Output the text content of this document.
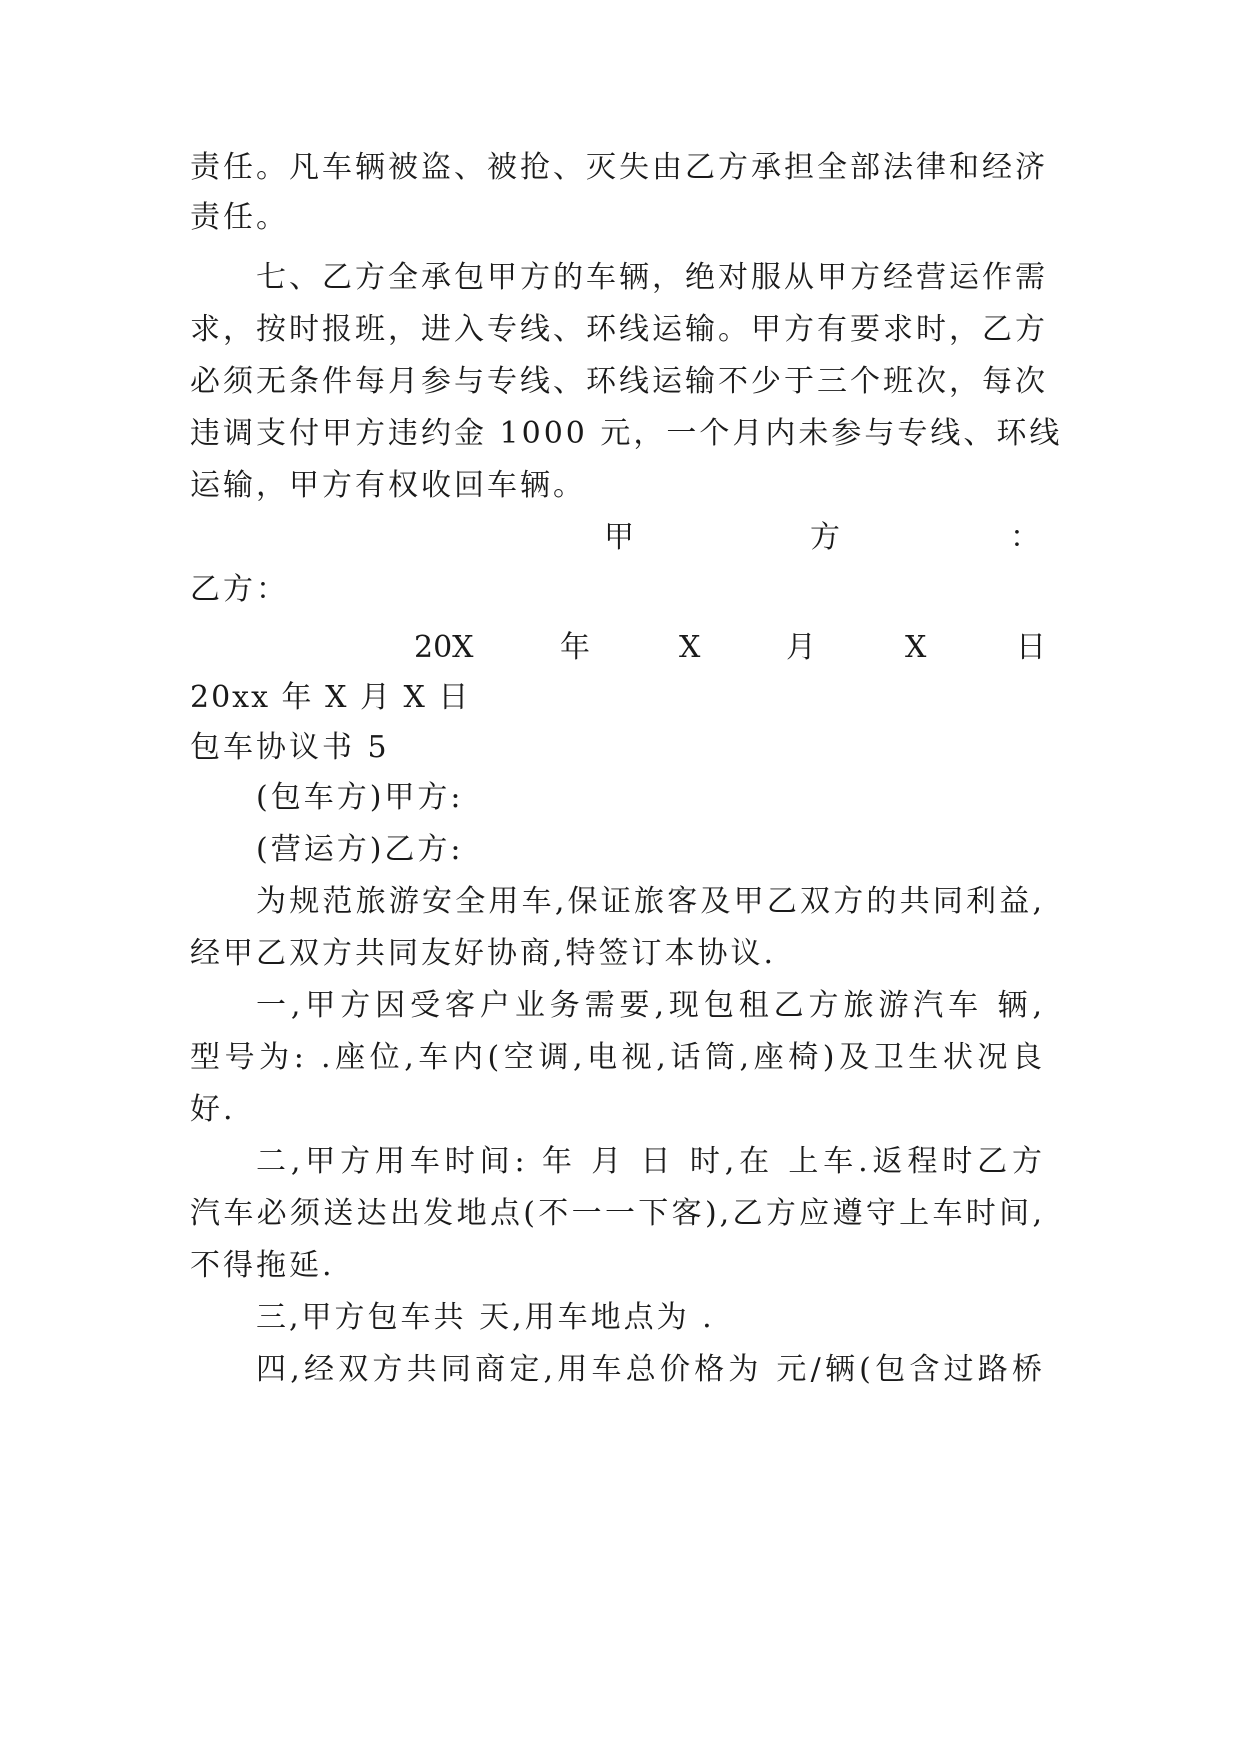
责任。凡车辆被盗、被抢、灭失由乙方承担全部法律和经济
责任。
七、乙方全承包甲方的车辆，绝对服从甲方经营运作需
求，按时报班，进入专线、环线运输。甲方有要求时，乙方
必须无条件每月参与专线、环线运输不少于三个班次，每次
违调支付甲方违约金 1000 元，一个月内未参与专线、环线
运输，甲方有权收回车辆。
甲	方	：
乙方：
20X	年	X	月	X	日
20xx 年 X 月 X 日
包车协议书 5
(包车方)甲方:
(营运方)乙方:
为规范旅游安全用车,保证旅客及甲乙双方的共同利益,
经甲乙双方共同友好协商,特签订本协议.
一,甲方因受客户业务需要,现包租乙方旅游汽车 辆,
型号为: .座位,车内(空调,电视,话筒,座椅)及卫生状况良
好.
二,甲方用车时间: 年 月 日 时,在 上车.返程时乙方
汽车必须送达出发地点(不一一下客),乙方应遵守上车时间,
不得拖延.
三,甲方包车共 天,用车地点为 .
四,经双方共同商定,用车总价格为 元/辆(包含过路桥
